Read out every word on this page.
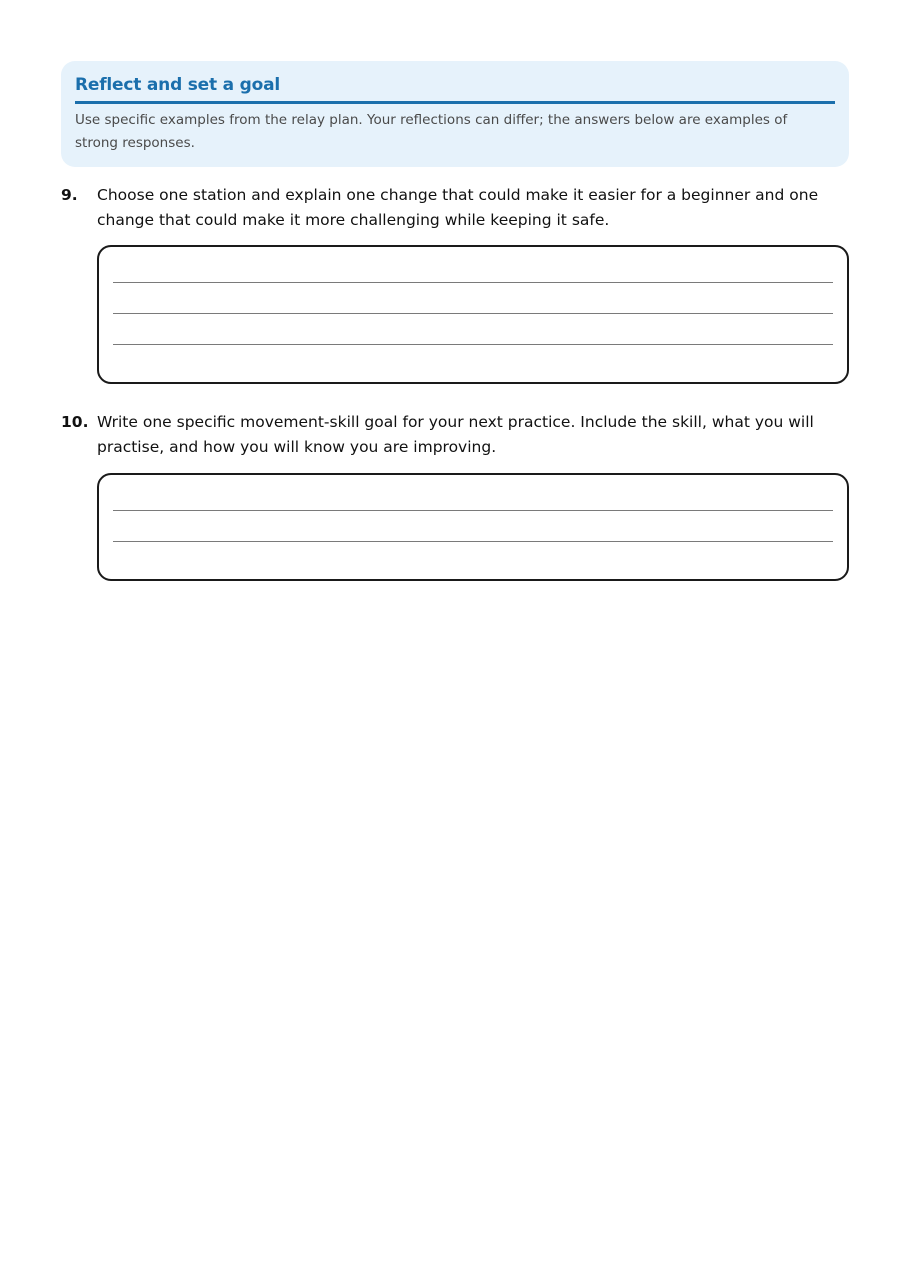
Reflect and set a goal
Use specific examples from the relay plan. Your reflections can differ; the answers below are examples of strong responses.
9. Choose one station and explain one change that could make it easier for a beginner and one change that could make it more challenging while keeping it safe.
10. Write one specific movement-skill goal for your next practice. Include the skill, what you will practise, and how you will know you are improving.
